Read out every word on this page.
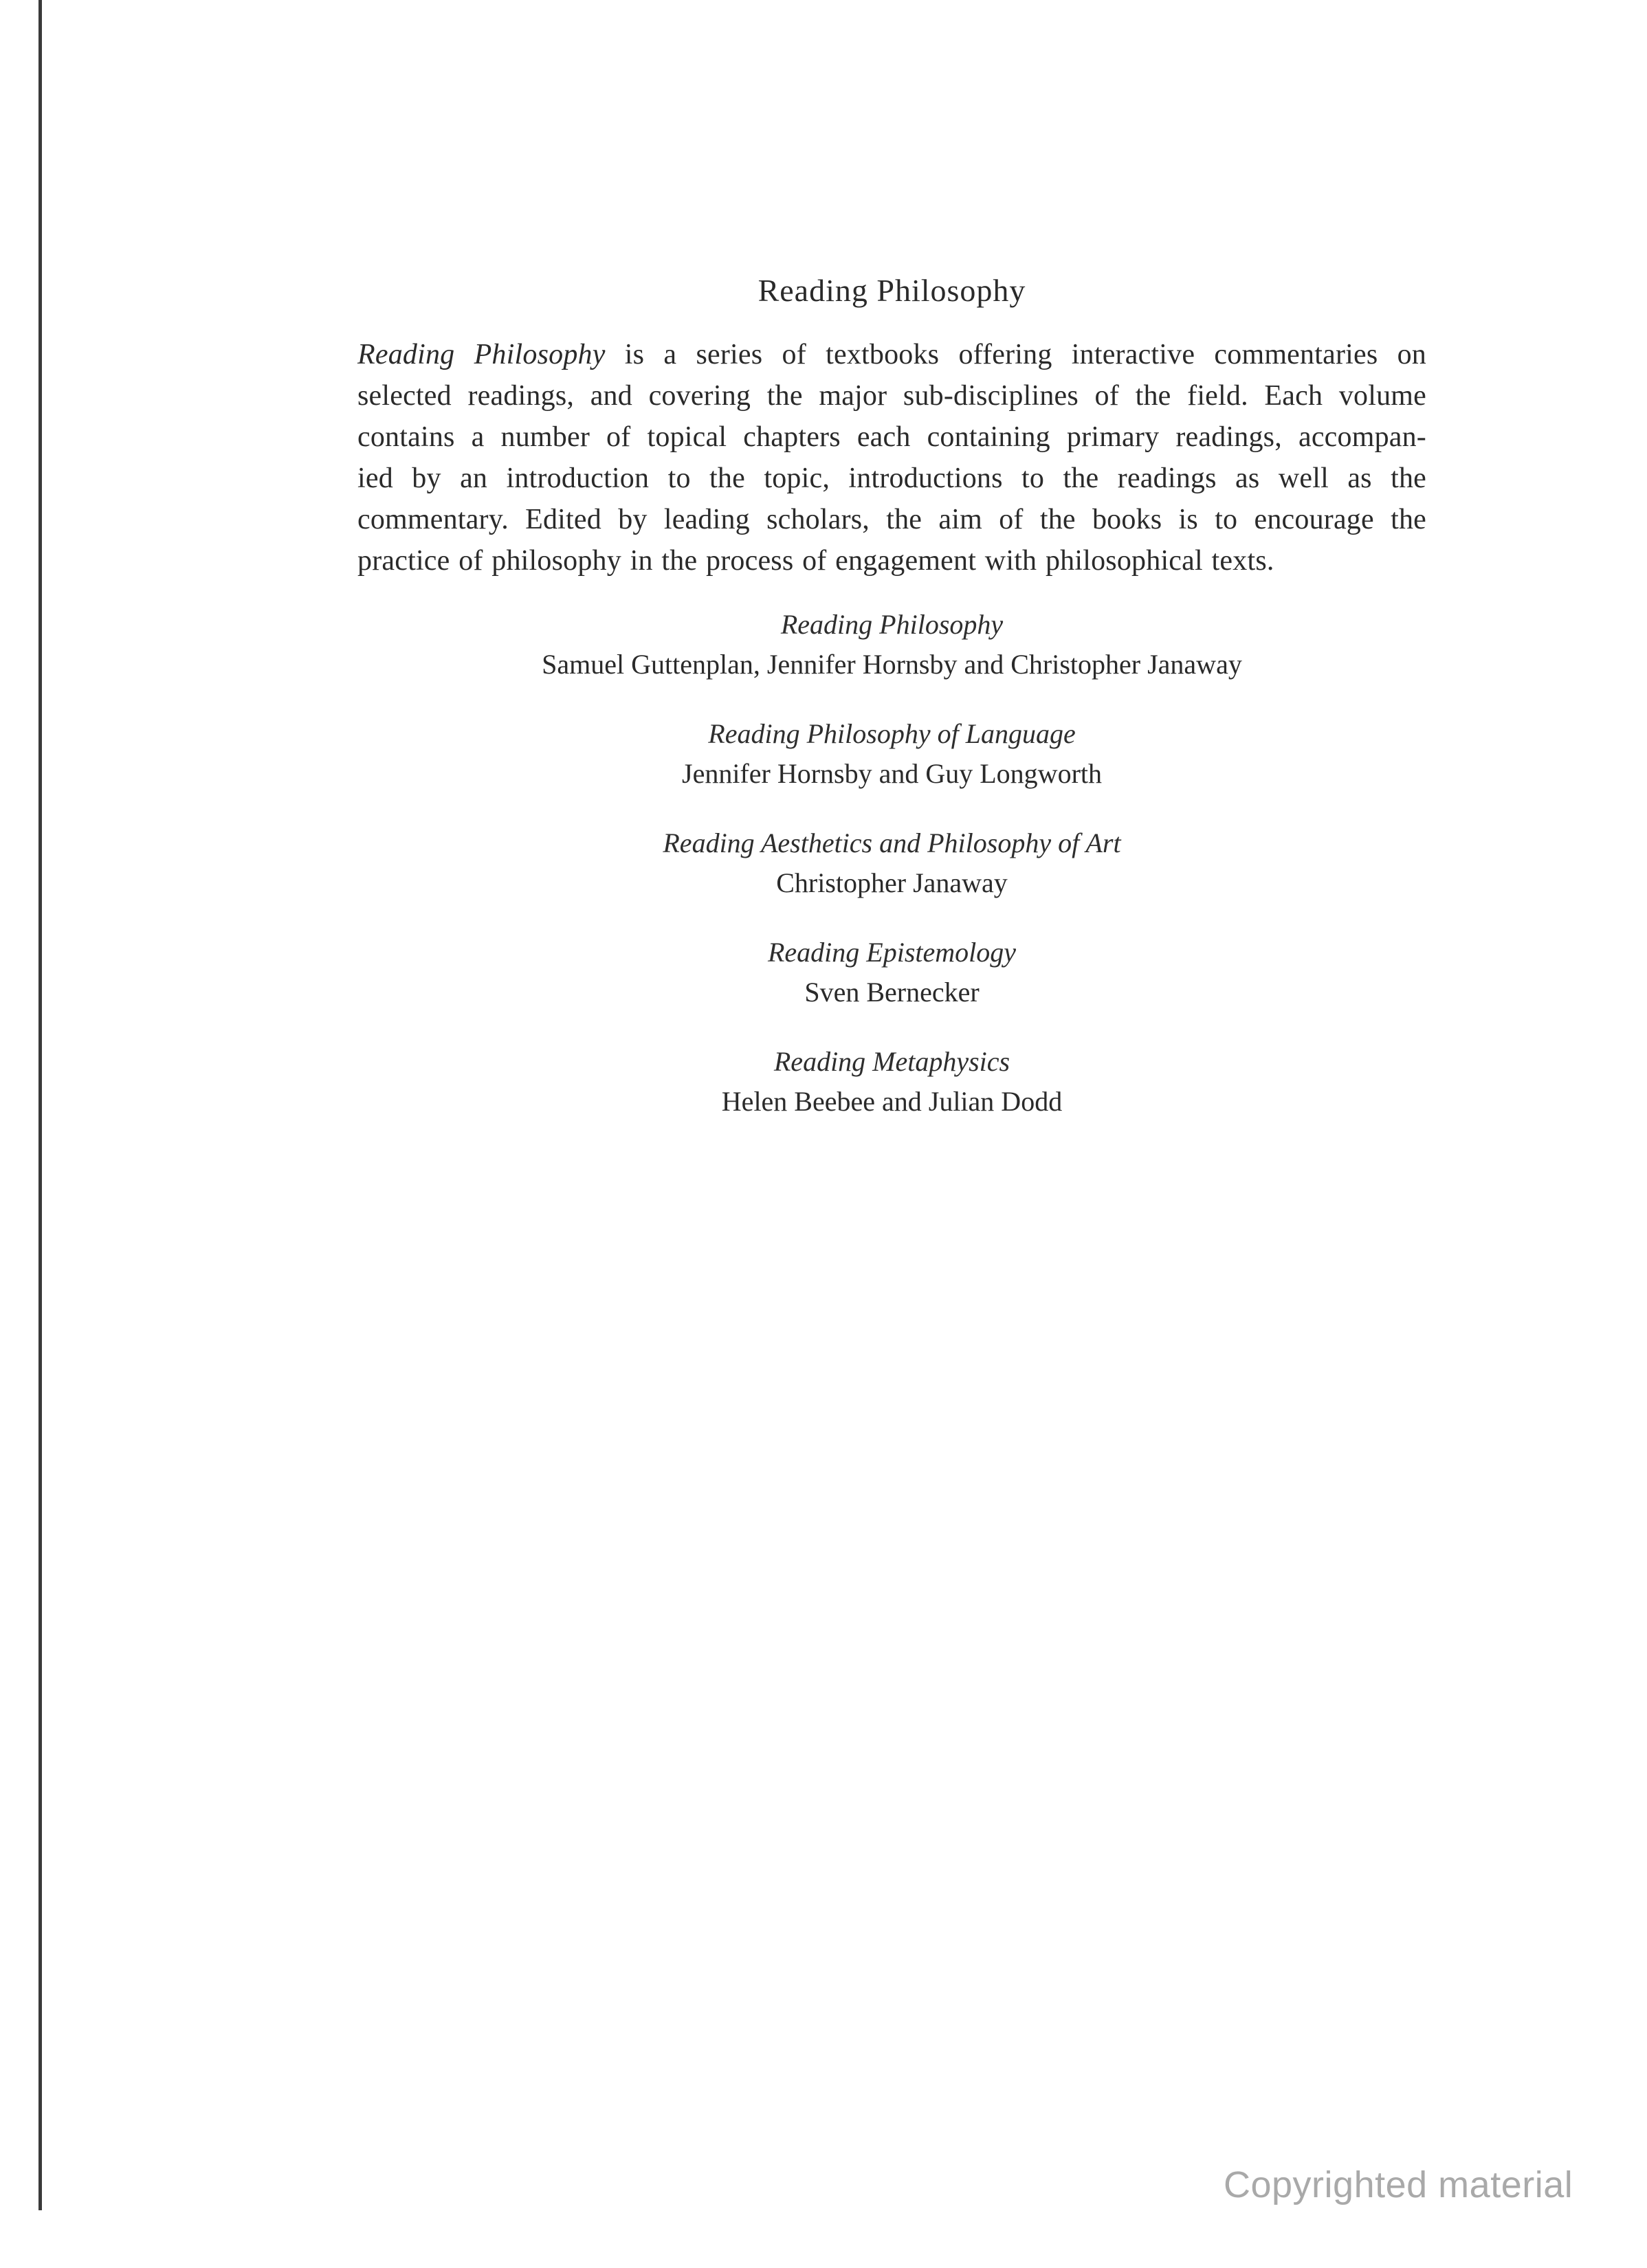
Reading Philosophy

Reading Philosophy is a series of textbooks offering interactive commentaries on
selected readings, and covering the major sub-disciplines of the field. Each volume
contains a number of topical chapters each containing primary readings, accompan-
ied by an introduction to the topic, introductions to the readings as well as the
commentary. Edited by leading scholars, the aim of the books is to encourage the
practice of philosophy in the process of engagement with philosophical texts.

Reading Philosophy
Samuel Guttenplan, Jennifer Hornsby and Christopher Janaway
Reading Philosophy of Language
Jennifer Hornsby and Guy Longworth
Reading Aesthetics and Philosophy of Art
Christopher Janaway
Reading Epistemology
Sven Bernecker
Reading Metaphysics
Helen Beebee and Julian Dodd
Copyrighted material
